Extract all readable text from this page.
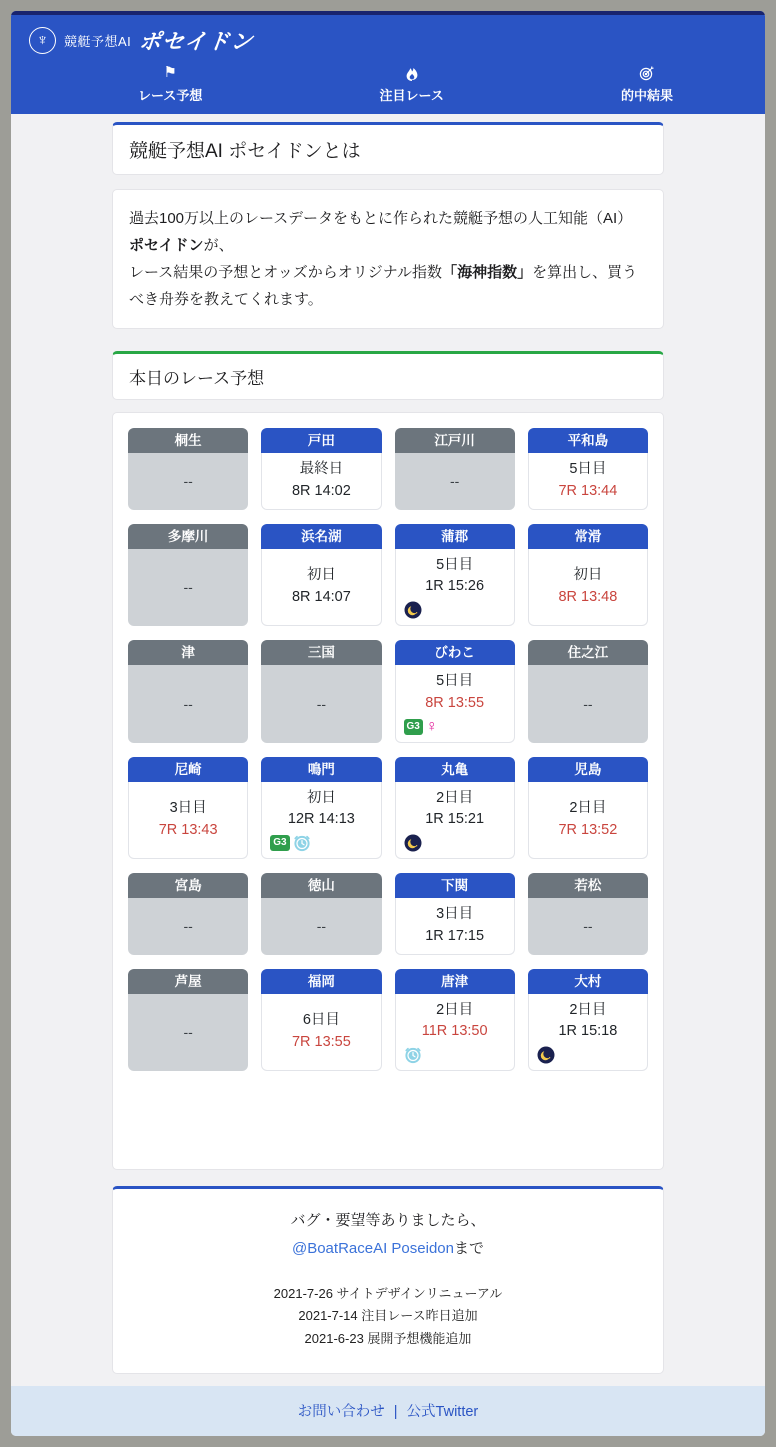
♆	競艇予想AI ポセイドン
⚑
レース予想	注目レース	的中結果
競艇予想AI ポセイドンとは
過去100万以上のレースデータをもとに作られた競艇予想の人工知能（AI）ポセイドンが、
レース結果の予想とオッズからオリジナル指数「海神指数」を算出し、買うべき舟券を教えてくれます。
本日のレース予想
桐生
--
戸田
最終日
8R 14:02
江戸川
--
平和島
5日目
7R 13:44
多摩川
--
浜名湖
初日
8R 14:07
蒲郡
5日目
1R 15:26
常滑
初日
8R 13:48
津
--
三国
--
びわこ
5日目
8R 13:55
G3 ♀
住之江
--
尼崎
3日目
7R 13:43
鳴門
初日
12R 14:13
G3
丸亀
2日目
1R 15:21
児島
2日目
7R 13:52
宮島
--
徳山
--
下関
3日目
1R 17:15
若松
--
芦屋
--
福岡
6日目
7R 13:55
唐津
2日目
11R 13:50
大村
2日目
1R 15:18
バグ・要望等ありましたら、
@BoatRaceAI Poseidonまで
2021-7-26 サイトデザインリニューアル
2021-7-14 注目レース昨日追加
2021-6-23 展開予想機能追加
お問い合わせ | 公式Twitter
